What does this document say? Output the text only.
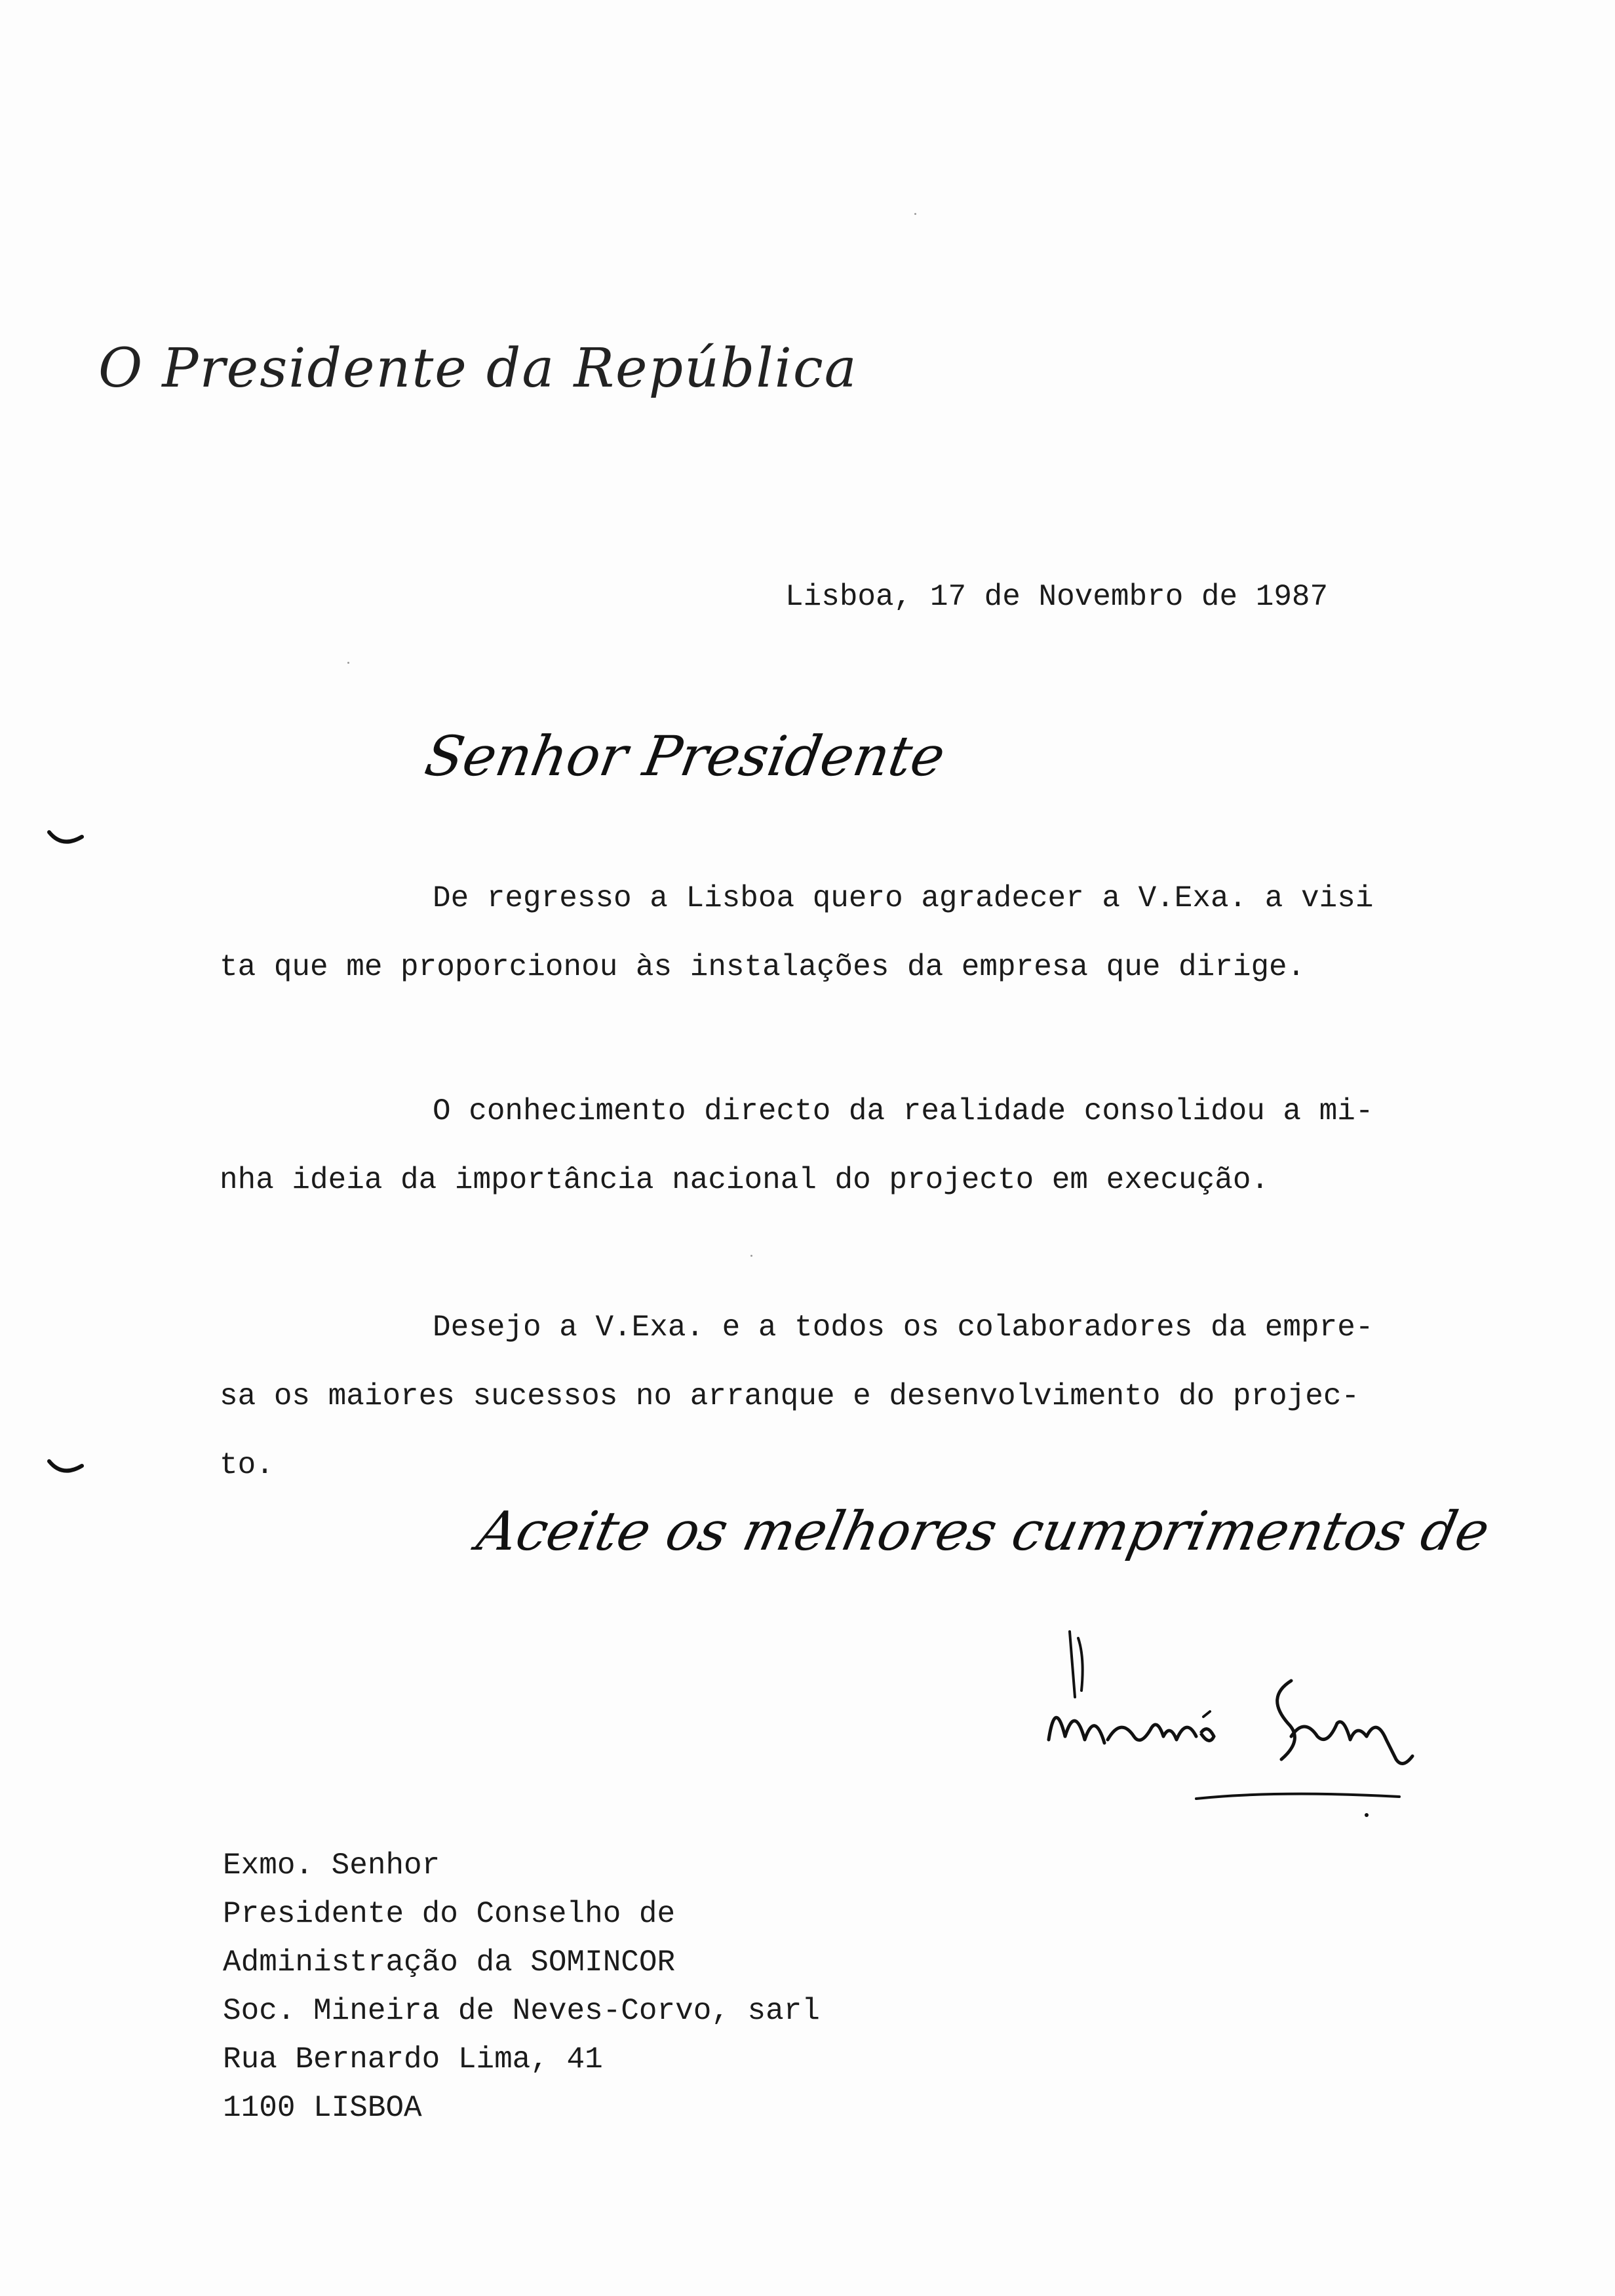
O Presidente da República
Lisboa, 17 de Novembro de 1987
Senhor Presidente
De regresso a Lisboa quero agradecer a V.Exa. a visi
ta que me proporcionou às instalações da empresa que dirige.
O conhecimento directo da realidade consolidou a mi-
nha ideia da importância nacional do projecto em execução.
Desejo a V.Exa. e a todos os colaboradores da empre-
sa os maiores sucessos no arranque e desenvolvimento do projec-
to.
Aceite os melhores cumprimentos de
Exmo. Senhor
Presidente do Conselho de
Administração da SOMINCOR
Soc. Mineira de Neves-Corvo, sarl
Rua Bernardo Lima, 41
1100 LISBOA
